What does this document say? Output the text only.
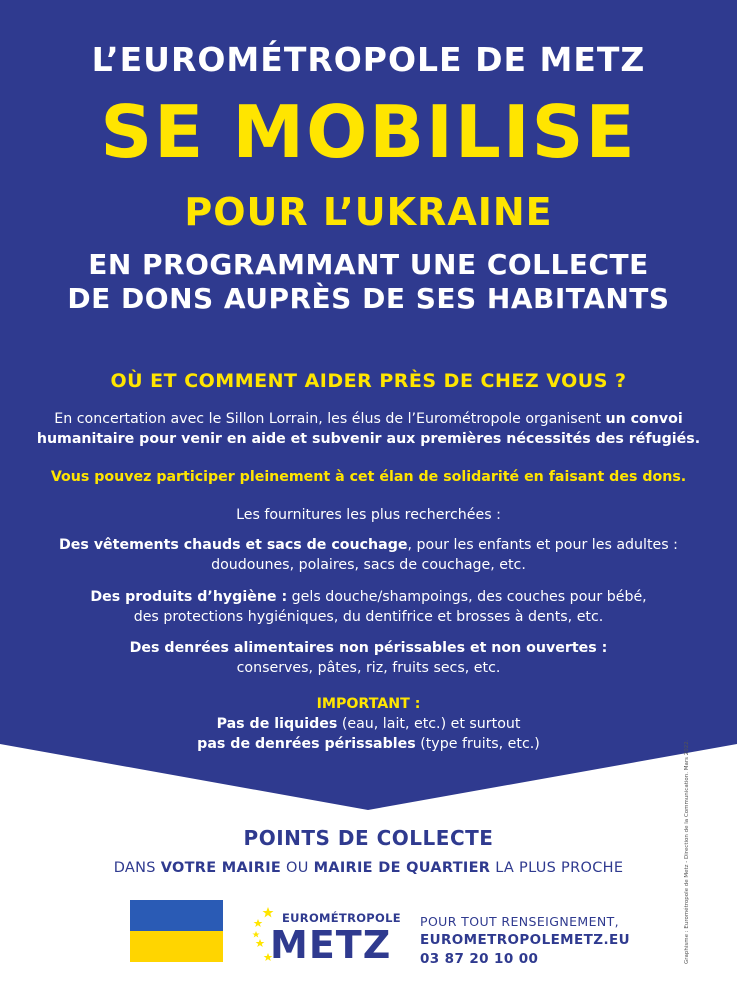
L’EUROMÉTROPOLE DE METZ
SE MOBILISE
POUR L’UKRAINE
EN PROGRAMMANT UNE COLLECTE
DE DONS AUPRÈS DE SES HABITANTS
OÙ ET COMMENT AIDER PRÈS DE CHEZ VOUS ?
En concertation avec le Sillon Lorrain, les élus de l’Eurométropole organisent un convoi
humanitaire pour venir en aide et subvenir aux premières nécessités des réfugiés.
Vous pouvez participer pleinement à cet élan de solidarité en faisant des dons.
Les fournitures les plus recherchées :
Des vêtements chauds et sacs de couchage, pour les enfants et pour les adultes :
doudounes, polaires, sacs de couchage, etc.
Des produits d’hygiène : gels douche/shampoings, des couches pour bébé,
des protections hygiéniques, du dentifrice et brosses à dents, etc.
Des denrées alimentaires non périssables et non ouvertes :
conserves, pâtes, riz, fruits secs, etc.
IMPORTANT :
Pas de liquides (eau, lait, etc.) et surtout
pas de denrées périssables (type fruits, etc.)
POINTS DE COLLECTE
DANS VOTRE MAIRIE OU MAIRIE DE QUARTIER LA PLUS PROCHE
EUROMÉTROPOLE
METZ
POUR TOUT RENSEIGNEMENT,
EUROMETROPOLEMETZ.EU
03 87 20 10 00	Graphisme : Eurométropole de Metz - Direction de la Communication. Mars 2022.
